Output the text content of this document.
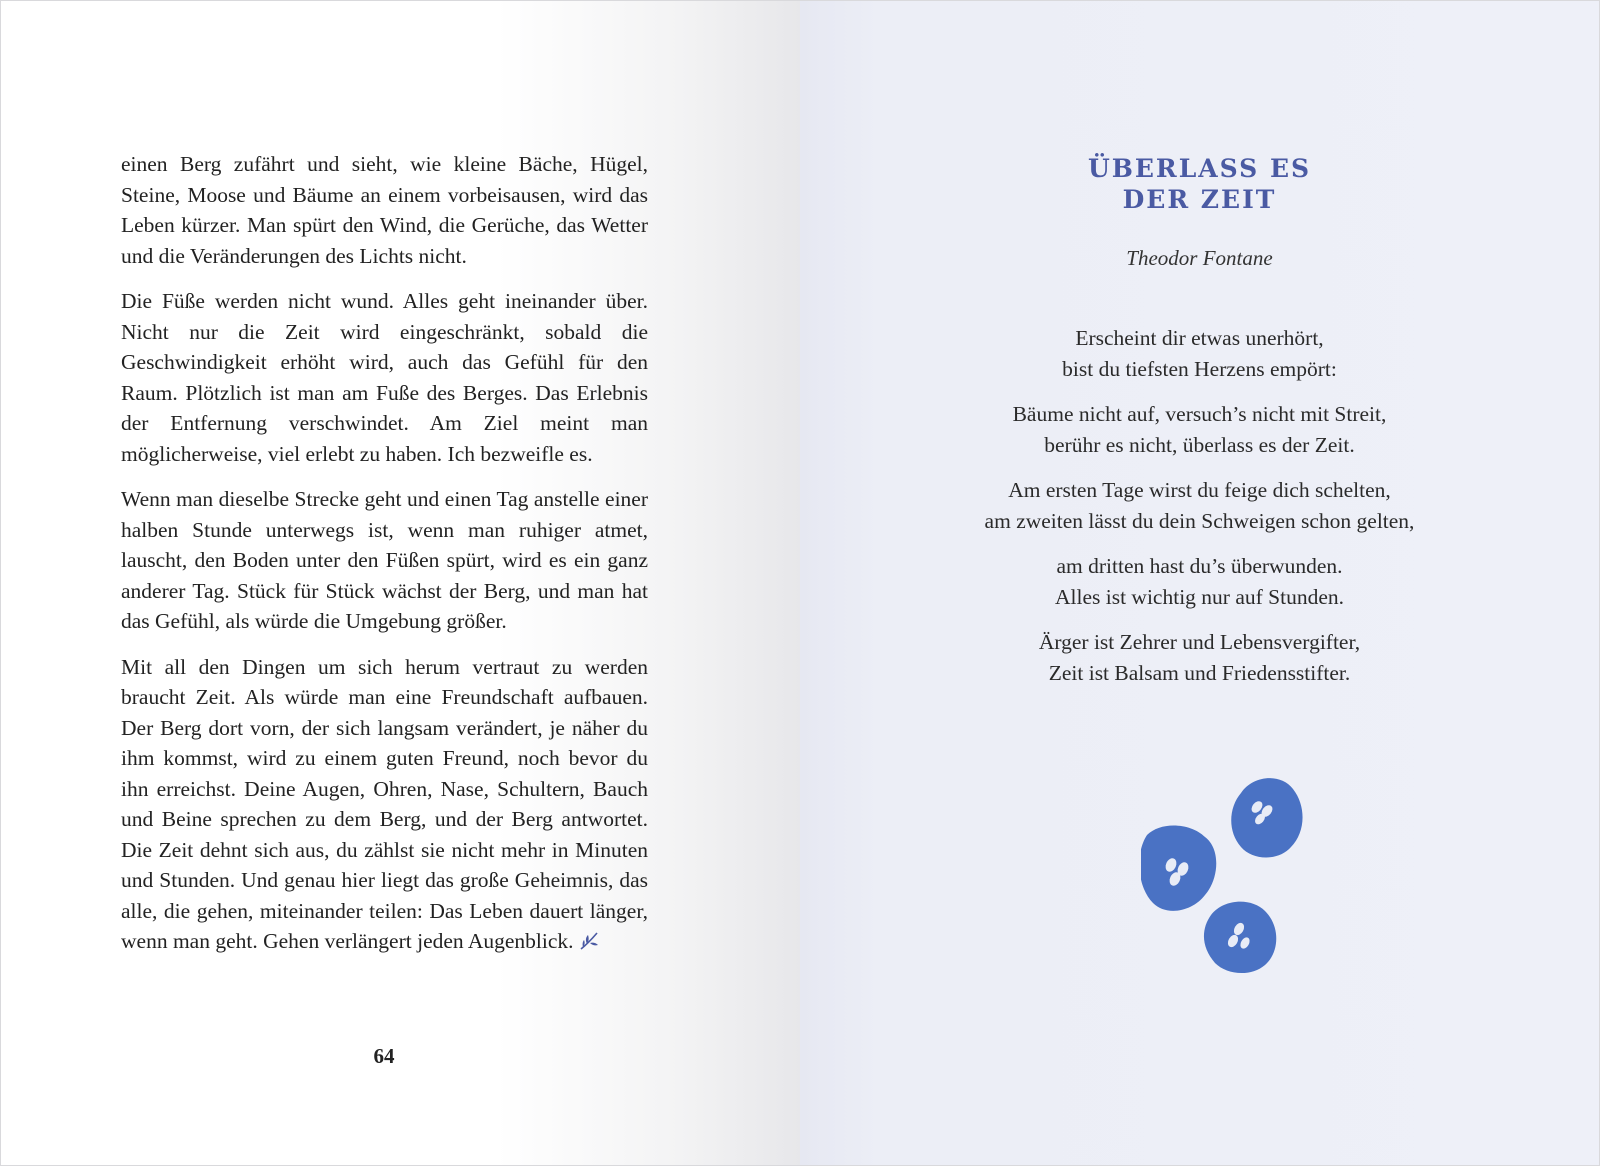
einen Berg zufährt und sieht, wie kleine Bäche, Hügel, Steine, Moose und Bäume an einem vorbeisausen, wird das Leben kürzer. Man spürt den Wind, die Gerüche, das Wetter und die Veränderungen des Lichts nicht.

Die Füße werden nicht wund. Alles geht ineinander über. Nicht nur die Zeit wird eingeschränkt, sobald die Geschwindigkeit erhöht wird, auch das Gefühl für den Raum. Plötzlich ist man am Fuße des Berges. Das Erlebnis der Entfernung verschwindet. Am Ziel meint man möglicherweise, viel erlebt zu haben. Ich bezweifle es.

Wenn man dieselbe Strecke geht und einen Tag anstelle einer halben Stunde unterwegs ist, wenn man ruhiger atmet, lauscht, den Boden unter den Füßen spürt, wird es ein ganz anderer Tag. Stück für Stück wächst der Berg, und man hat das Gefühl, als würde die Umgebung größer.

Mit all den Dingen um sich herum vertraut zu werden braucht Zeit. Als würde man eine Freundschaft aufbauen. Der Berg dort vorn, der sich langsam verändert, je näher du ihm kommst, wird zu einem guten Freund, noch bevor du ihn erreichst. Deine Augen, Ohren, Nase, Schultern, Bauch und Beine sprechen zu dem Berg, und der Berg antwortet. Die Zeit dehnt sich aus, du zählst sie nicht mehr in Minuten und Stunden. Und genau hier liegt das große Geheimnis, das alle, die gehen, miteinander teilen: Das Leben dauert länger, wenn man geht. Gehen verlängert jeden Augenblick.

64
ÜBERLASS ES
DER ZEIT
Theodor Fontane
Erscheint dir etwas unerhört,
bist du tiefsten Herzens empört:
Bäume nicht auf, versuch’s nicht mit Streit,
berühr es nicht, überlass es der Zeit.
Am ersten Tage wirst du feige dich schelten,
am zweiten lässt du dein Schweigen schon gelten,
am dritten hast du’s überwunden.
Alles ist wichtig nur auf Stunden.
Ärger ist Zehrer und Lebensvergifter,
Zeit ist Balsam und Friedensstifter.
